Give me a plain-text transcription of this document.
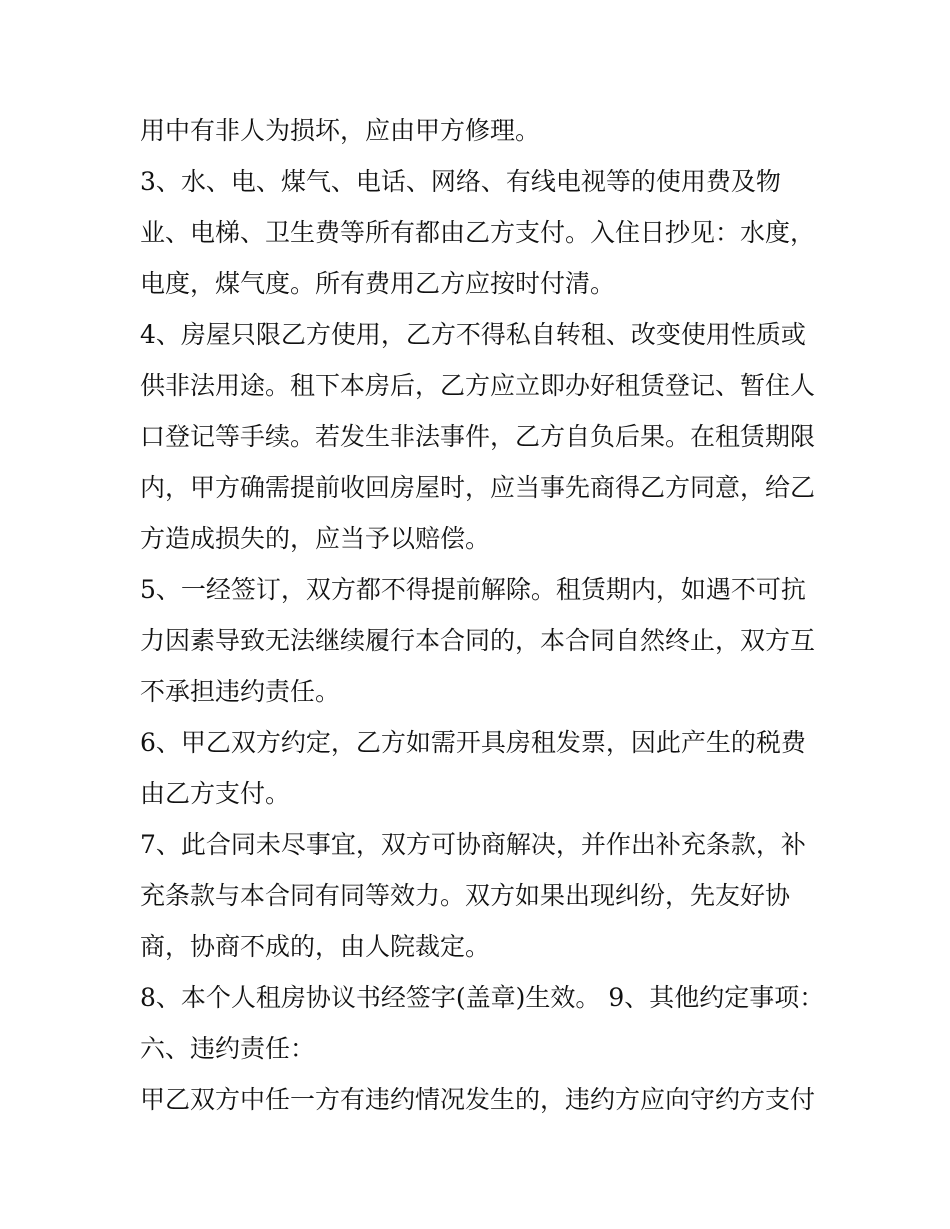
用中有非人为损坏，应由甲方修理。
3、水、电、煤气、电话、网络、有线电视等的使用费及物
业、电梯、卫生费等所有都由乙方支付。入住日抄见：水度，
电度，煤气度。所有费用乙方应按时付清。
4、房屋只限乙方使用，乙方不得私自转租、改变使用性质或
供非法用途。租下本房后，乙方应立即办好租赁登记、暂住人
口登记等手续。若发生非法事件，乙方自负后果。在租赁期限
内，甲方确需提前收回房屋时，应当事先商得乙方同意，给乙
方造成损失的，应当予以赔偿。
5、一经签订，双方都不得提前解除。租赁期内，如遇不可抗
力因素导致无法继续履行本合同的，本合同自然终止，双方互
不承担违约责任。
6、甲乙双方约定，乙方如需开具房租发票，因此产生的税费
由乙方支付。
7、此合同未尽事宜，双方可协商解决，并作出补充条款，补
充条款与本合同有同等效力。双方如果出现纠纷，先友好协
商，协商不成的，由人院裁定。
8、本个人租房协议书经签字(盖章)生效。 9、其他约定事项：
六、违约责任：
甲乙双方中任一方有违约情况发生的，违约方应向守约方支付
